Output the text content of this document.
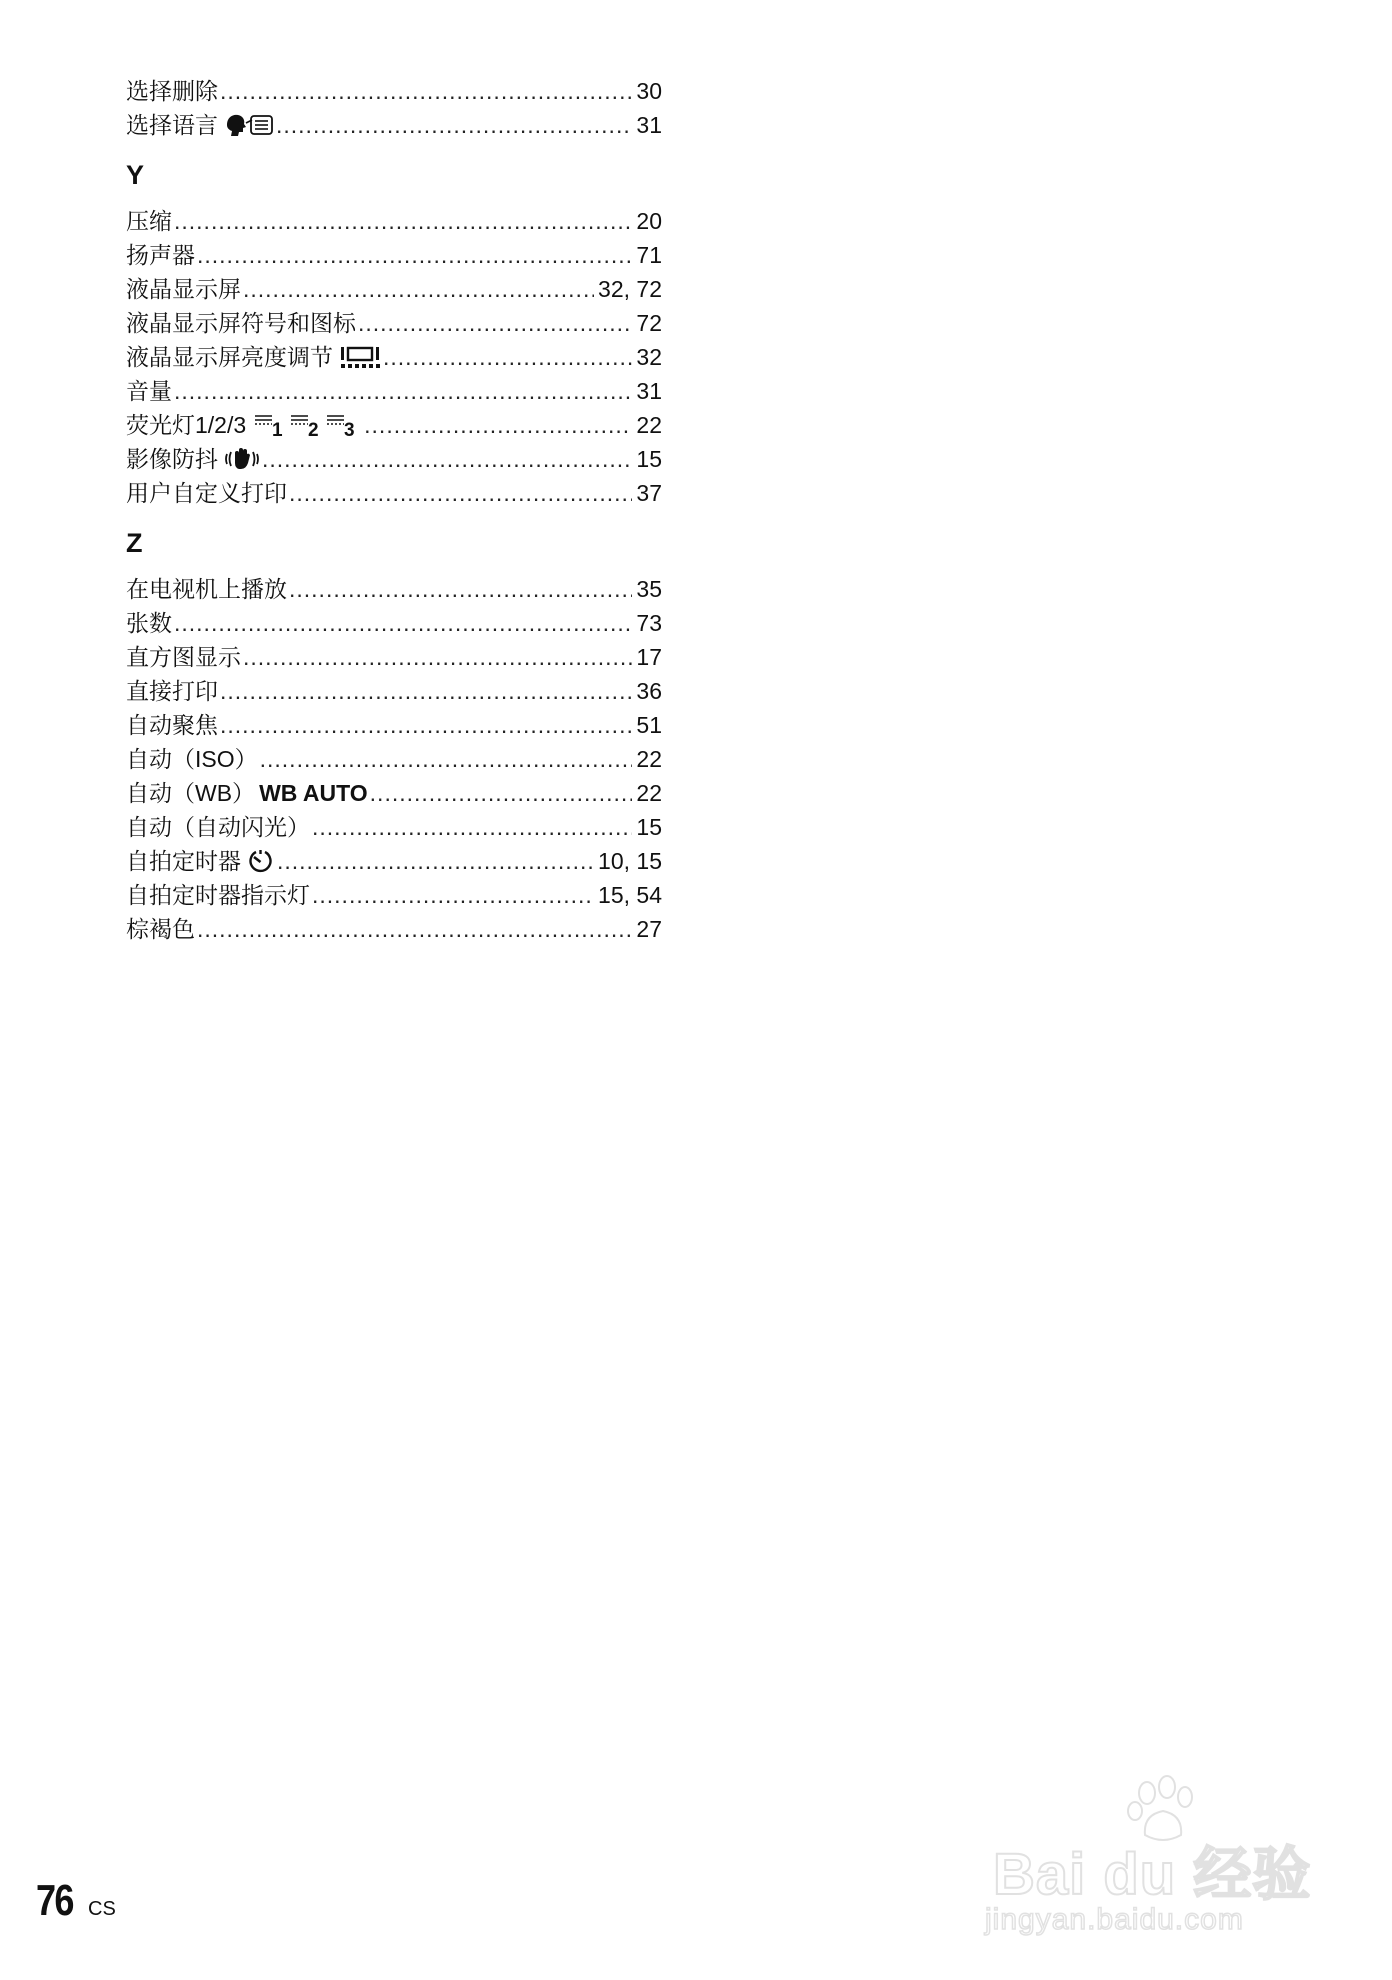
选择删除 .....	30
选择语言 .....	31
Y
压缩 .....	20
扬声器 .....	71
液晶显示屏 .....	32, 72
液晶显示屏符号和图标 .....	72
液晶显示屏亮度调节 .....	32
音量 .....	31
荧光灯1/2/3 1 2 3 .....	22
影像防抖 .....	15
用户自定义打印 .....	37
Z
在电视机上播放 .....	35
张数 .....	73
直方图显示 .....	17
直接打印 .....	36
自动聚焦 .....	51
自动（ISO） .....	22
自动（WB） WB AUTO .....	22
自动（自动闪光） .....	15
自拍定时器 .....	10, 15
自拍定时器指示灯 .....	15, 54
棕褐色 .....	27
76 CS
Bai du 经验
jingyan.baidu.com
